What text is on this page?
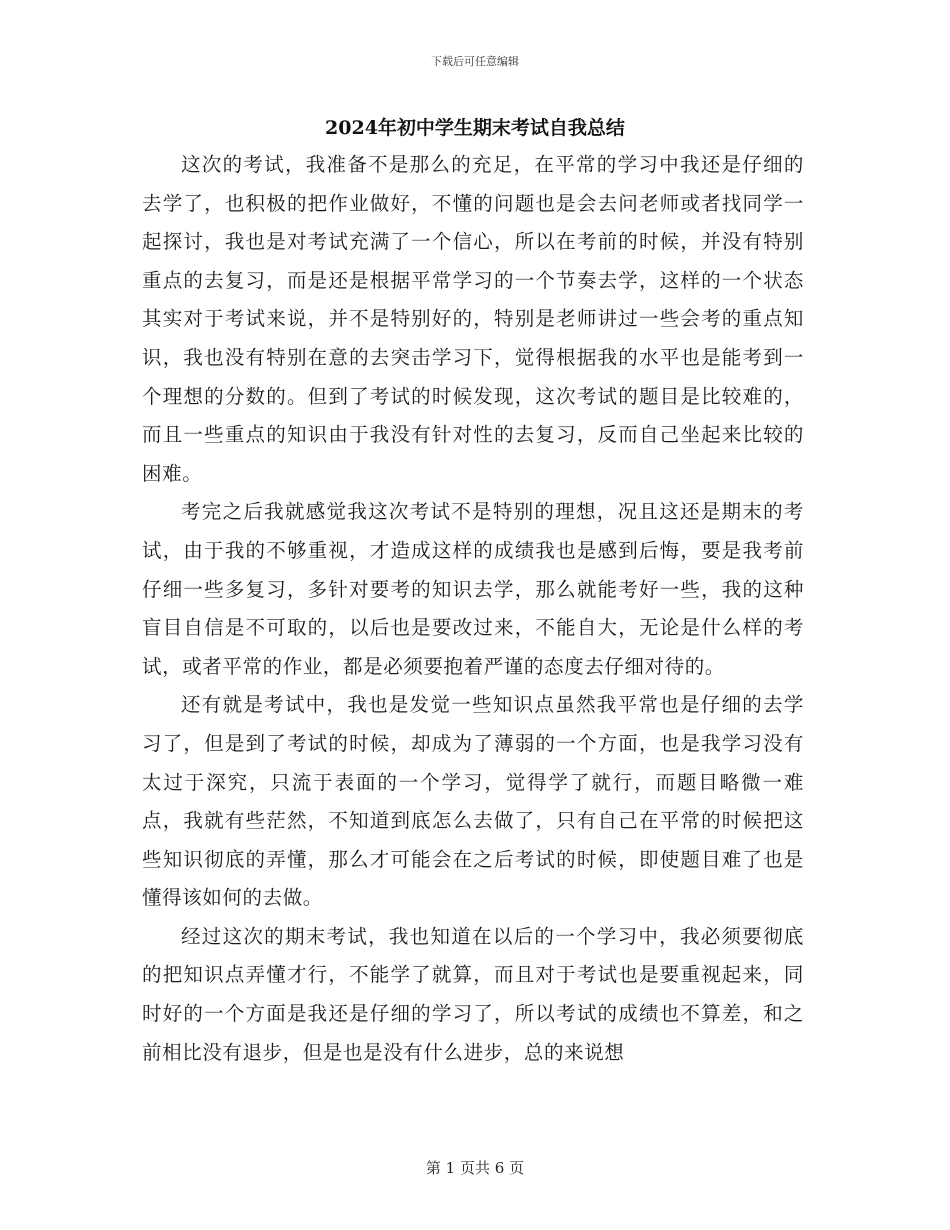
下载后可任意编辑
2024年初中学生期末考试自我总结

这次的考试，我准备不是那么的充足，在平常的学习中我还是仔细的去学了，也积极的把作业做好，不懂的问题也是会去问老师或者找同学一起探讨，我也是对考试充满了一个信心，所以在考前的时候，并没有特别重点的去复习，而是还是根据平常学习的一个节奏去学，这样的一个状态其实对于考试来说，并不是特别好的，特别是老师讲过一些会考的重点知识，我也没有特别在意的去突击学习下，觉得根据我的水平也是能考到一个理想的分数的。但到了考试的时候发现，这次考试的题目是比较难的，而且一些重点的知识由于我没有针对性的去复习，反而自己坐起来比较的困难。

考完之后我就感觉我这次考试不是特别的理想，况且这还是期末的考试，由于我的不够重视，才造成这样的成绩我也是感到后悔，要是我考前仔细一些多复习，多针对要考的知识去学，那么就能考好一些，我的这种盲目自信是不可取的，以后也是要改过来，不能自大，无论是什么样的考试，或者平常的作业，都是必须要抱着严谨的态度去仔细对待的。

还有就是考试中，我也是发觉一些知识点虽然我平常也是仔细的去学习了，但是到了考试的时候，却成为了薄弱的一个方面，也是我学习没有太过于深究，只流于表面的一个学习，觉得学了就行，而题目略微一难点，我就有些茫然，不知道到底怎么去做了，只有自己在平常的时候把这些知识彻底的弄懂，那么才可能会在之后考试的时候，即使题目难了也是懂得该如何的去做。

经过这次的期末考试，我也知道在以后的一个学习中，我必须要彻底的把知识点弄懂才行，不能学了就算，而且对于考试也是要重视起来，同时好的一个方面是我还是仔细的学习了，所以考试的成绩也不算差，和之前相比没有退步，但是也是没有什么进步，总的来说想

第 1 页共 6 页
